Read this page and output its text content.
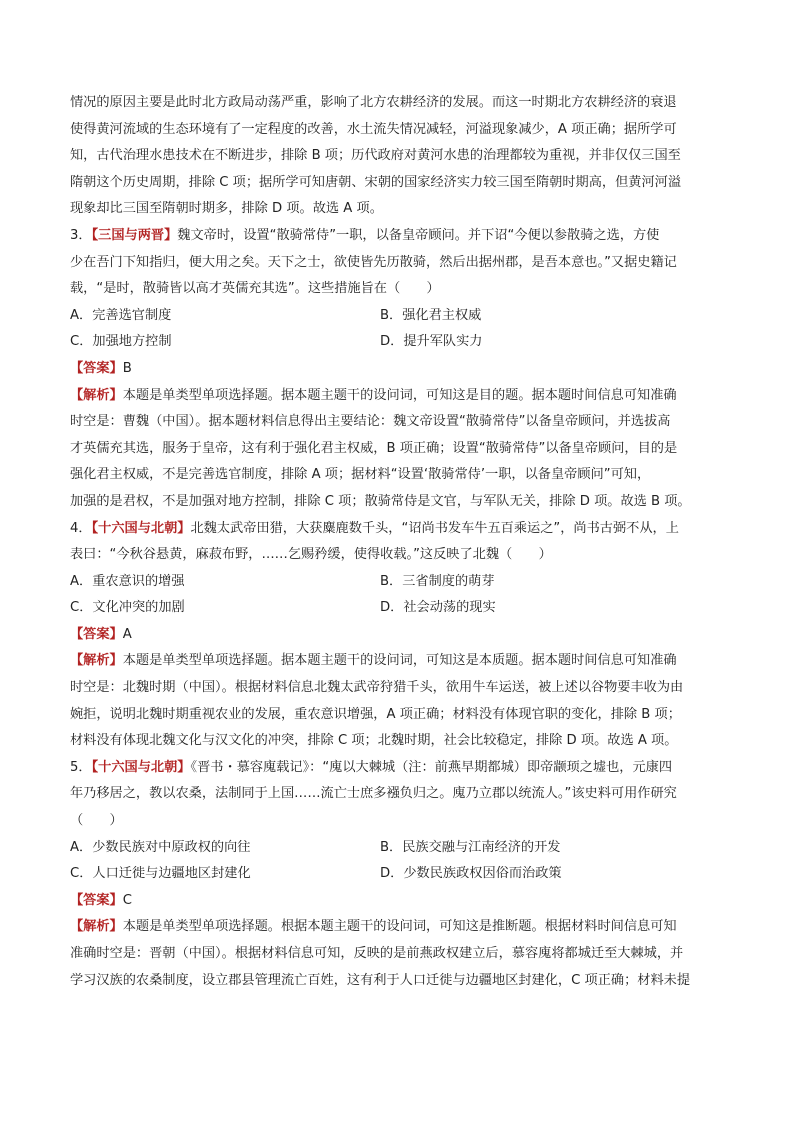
情况的原因主要是此时北方政局动荡严重，影响了北方农耕经济的发展。而这一时期北方农耕经济的衰退

使得黄河流域的生态环境有了一定程度的改善，水土流失情况减轻，河溢现象减少，A 项正确；据所学可

知，古代治理水患技术在不断进步，排除 B 项；历代政府对黄河水患的治理都较为重视，并非仅仅三国至

隋朝这个历史周期，排除 C 项；据所学可知唐朝、宋朝的国家经济实力较三国至隋朝时期高，但黄河河溢

现象却比三国至隋朝时期多，排除 D 项。故选 A 项。

3．【三国与两晋】魏文帝时，设置“散骑常侍”一职，以备皇帝顾问。并下诏“今便以参散骑之选，方使

少在吾门下知指归，便大用之矣。天下之士，欲使皆先历散骑，然后出据州郡，是吾本意也。”又据史籍记

载，“是时，散骑皆以高才英儒充其选”。这些措施旨在（　　）

A．完善选官制度	B．强化君主权威
C．加强地方控制	D．提升军队实力
【答案】B

【解析】本题是单类型单项选择题。据本题主题干的设问词，可知这是目的题。据本题时间信息可知准确

时空是：曹魏（中国）。据本题材料信息得出主要结论：魏文帝设置“散骑常侍”以备皇帝顾问，并选拔高

才英儒充其选，服务于皇帝，这有利于强化君主权威，B 项正确；设置“散骑常侍”以备皇帝顾问，目的是

强化君主权威，不是完善选官制度，排除 A 项；据材料“设置‘散骑常侍’一职，以备皇帝顾问”可知，

加强的是君权，不是加强对地方控制，排除 C 项；散骑常侍是文官，与军队无关，排除 D 项。故选 B 项。

4．【十六国与北朝】北魏太武帝田猎，大获麋鹿数千头，“诏尚书发车牛五百乘运之”，尚书古弼不从，上

表曰：“今秋谷悬黄，麻菽布野，……乞赐矜缓，使得收载。”这反映了北魏（　　）

A．重农意识的增强	B．三省制度的萌芽
C．文化冲突的加剧	D．社会动荡的现实
【答案】A

【解析】本题是单类型单项选择题。据本题主题干的设问词，可知这是本质题。据本题时间信息可知准确

时空是：北魏时期（中国）。根据材料信息北魏太武帝狩猎千头，欲用牛车运送，被上述以谷物要丰收为由

婉拒，说明北魏时期重视农业的发展，重农意识增强，A 项正确；材料没有体现官职的变化，排除 B 项；

材料没有体现北魏文化与汉文化的冲突，排除 C 项；北魏时期，社会比较稳定，排除 D 项。故选 A 项。

5．【十六国与北朝】《晋书・慕容廆载记》：“廆以大棘城（注：前燕早期都城）即帝颛顼之墟也，元康四

年乃移居之，教以农桑，法制同于上国……流亡士庶多襁负归之。廆乃立郡以统流人。”该史料可用作研究

（　　）

A．少数民族对中原政权的向往	B．民族交融与江南经济的开发
C．人口迁徙与边疆地区封建化	D．少数民族政权因俗而治政策
【答案】C

【解析】本题是单类型单项选择题。根据本题主题干的设问词，可知这是推断题。根据材料时间信息可知

准确时空是：晋朝（中国）。根据材料信息可知，反映的是前燕政权建立后，慕容廆将都城迁至大棘城，并

学习汉族的农桑制度，设立郡县管理流亡百姓，这有利于人口迁徙与边疆地区封建化，C 项正确；材料未提
